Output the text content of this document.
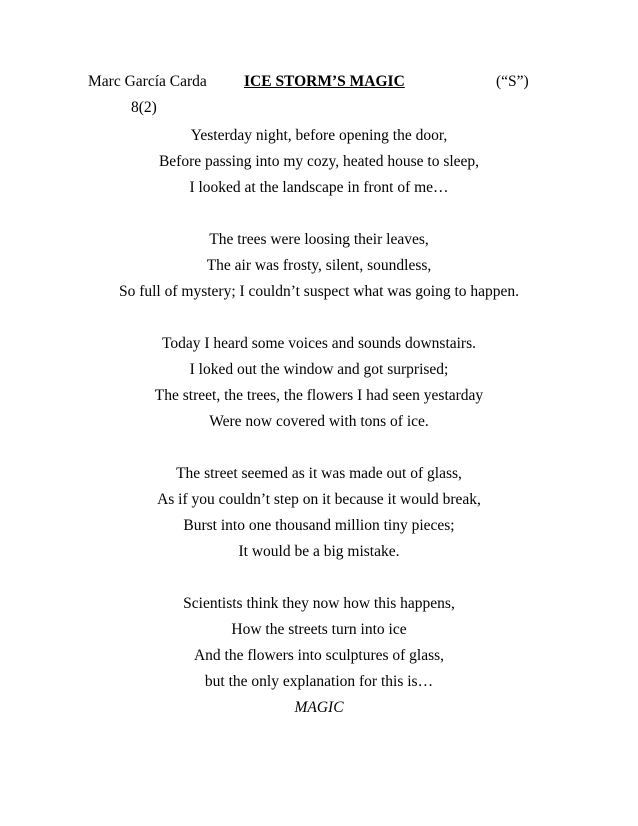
Marc García Carda ICE STORM’S MAGIC	(“S”)
8(2)
Yesterday night, before opening the door,
Before passing into my cozy, heated house to sleep,
I looked at the landscape in front of me…
The trees were loosing their leaves,
The air was frosty, silent, soundless,
So full of mystery; I couldn’t suspect what was going to happen.
Today I heard some voices and sounds downstairs.
I loked out the window and got surprised;
The street, the trees, the flowers I had seen yestarday
Were now covered with tons of ice.
The street seemed as it was made out of glass,
As if you couldn’t step on it because it would break,
Burst into one thousand million tiny pieces;
It would be a big mistake.
Scientists think they now how this happens,
How the streets turn into ice
And the flowers into sculptures of glass,
but the only explanation for this is…
MAGIC
